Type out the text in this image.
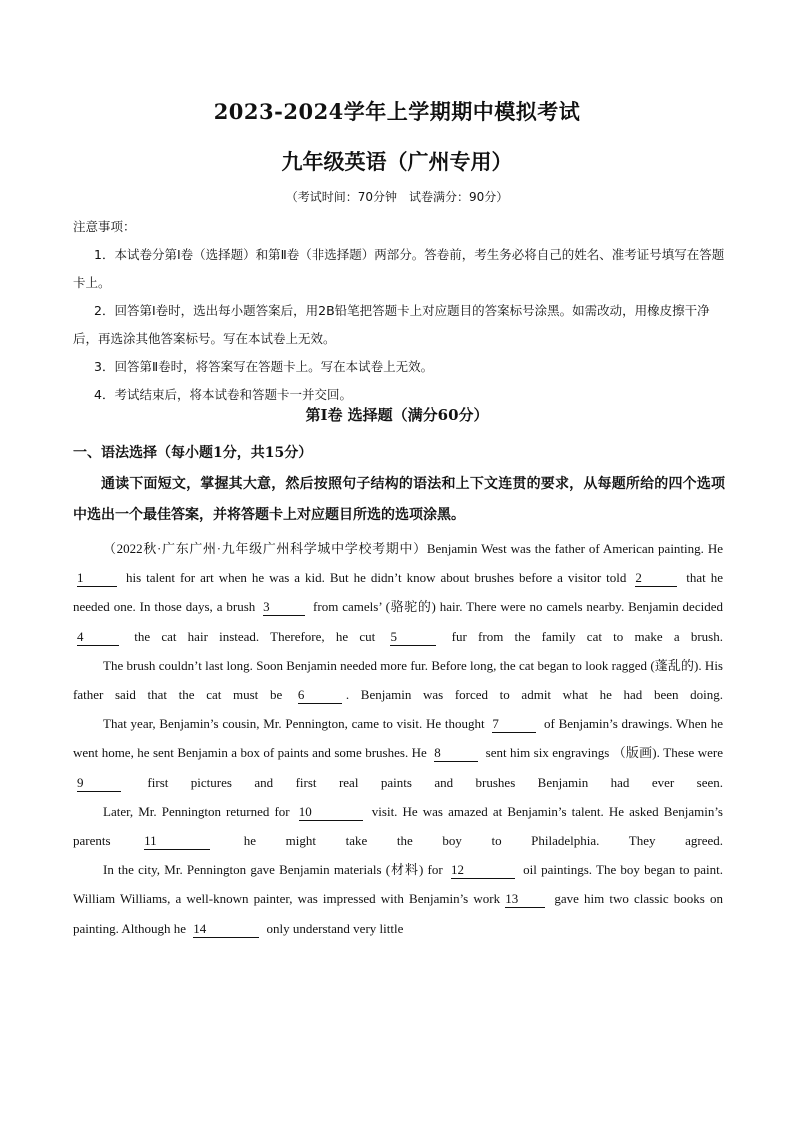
2023-2024学年上学期期中模拟考试
九年级英语（广州专用）
（考试时间：70分钟　试卷满分：90分）
注意事项：
1．本试卷分第Ⅰ卷（选择题）和第Ⅱ卷（非选择题）两部分。答卷前，考生务必将自己的姓名、准考证号填写在答题卡上。
2．回答第Ⅰ卷时，选出每小题答案后，用2B铅笔把答题卡上对应题目的答案标号涂黑。如需改动，用橡皮擦干净后，再选涂其他答案标号。写在本试卷上无效。
3．回答第Ⅱ卷时，将答案写在答题卡上。写在本试卷上无效。
4．考试结束后，将本试卷和答题卡一并交回。
第Ⅰ卷 选择题（满分60分）
一、语法选择（每小题1分，共15分）
通读下面短文，掌握其大意，然后按照句子结构的语法和上下文连贯的要求，从每题所给的四个选项中选出一个最佳答案，并将答题卡上对应题目所选的选项涂黑。

（2022秋·广东广州·九年级广州科学城中学校考期中）Benjamin West was the father of American painting. He 1	his talent for art when he was a kid. But he didn’t know about brushes before a visitor told 2	that he needed one. In those days, a brush 3	from camels’ (骆驼的) hair. There were no camels nearby. Benjamin decided 4	the cat hair instead. Therefore, he cut 5	fur from the family cat to make a brush.

The brush couldn’t last long. Soon Benjamin needed more fur. Before long, the cat began to look ragged (蓬乱的). His father said that the cat must be 6	. Benjamin was forced to admit what he had been doing.

That year, Benjamin’s cousin, Mr. Pennington, came to visit. He thought 7	of Benjamin’s drawings. When he went home, he sent Benjamin a box of paints and some brushes. He 8	sent him six engravings （版画). These were 9	first pictures and first real paints and brushes Benjamin had ever seen.

Later, Mr. Pennington returned for 10	visit. He was amazed at Benjamin’s talent. He asked Benjamin’s parents 11	he might take the boy to Philadelphia. They agreed.

In the city, Mr. Pennington gave Benjamin materials (材料) for 12	oil paintings. The boy began to paint. William Williams, a well-known painter, was impressed with Benjamin’s work 13 gave him two classic books on painting. Although he 14	only understand very little
